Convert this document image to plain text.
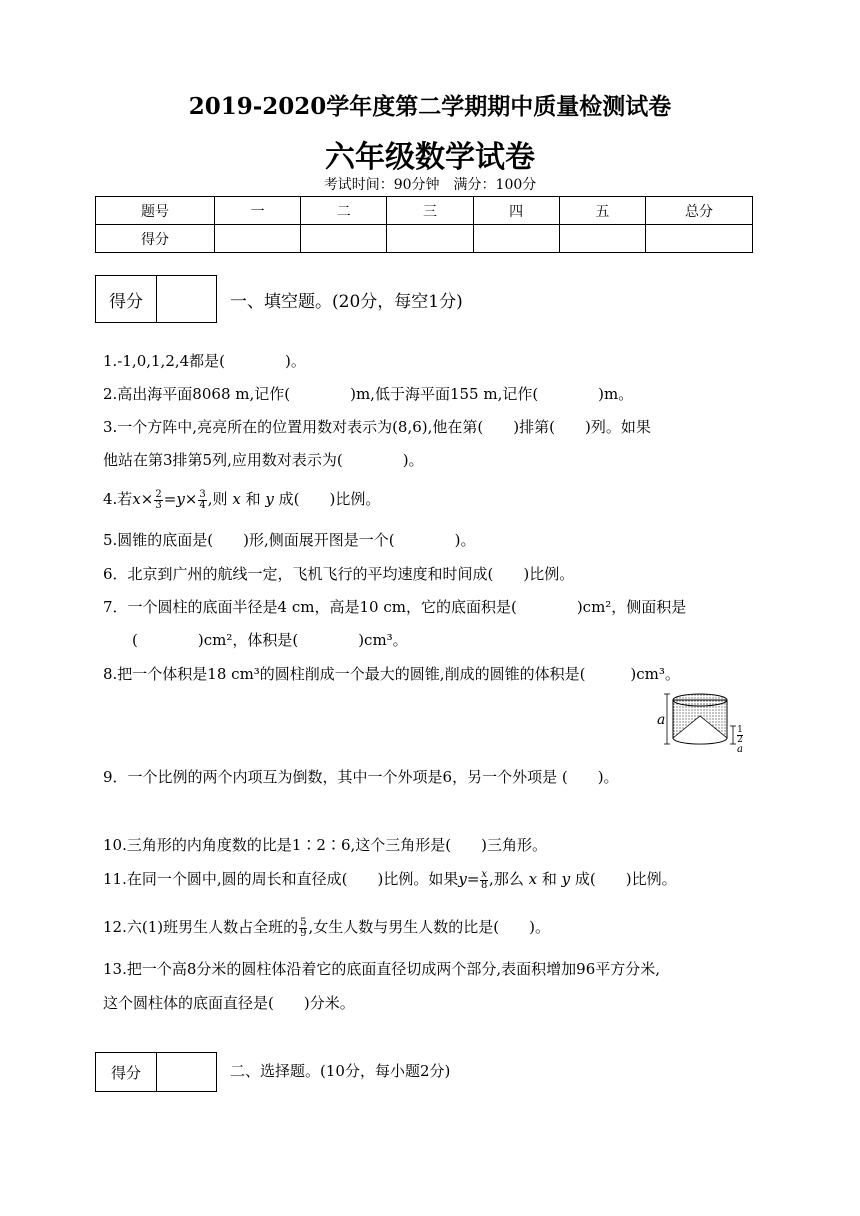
2019-2020学年度第二学期期中质量检测试卷
六年级数学试卷
考试时间：90分钟　满分：100分
题号	一	二	三	四	五	总分
得分						
得分	一、填空题。(20分，每空1分)
1.-1,0,1,2,4都是(　　　　)。
2.高出海平面8068 m,记作(　　　　)m,低于海平面155 m,记作(　　　　)m。
3.一个方阵中,亮亮所在的位置用数对表示为(8,6),他在第(　　)排第(　　)列。如果
他站在第3排第5列,应用数对表示为(　　　　)。
4.若$x\times \frac{2}{3} =y\times \frac{3}{4}$ ,则 x 和 y 成(　　)比例。
5.圆锥的底面是(　　)形,侧面展开图是一个(　　　　)。
6．北京到广州的航线一定，飞机飞行的平均速度和时间成(　　)比例。
7．一个圆柱的底面半径是4 cm，高是10 cm，它的底面积是(　　　　)cm²，侧面积是
(　　　　)cm²，体积是(　　　　)cm³。
8.把一个体积是18 cm³的圆柱削成一个最大的圆锥,削成的圆锥的体积是(　　　)cm³。
a
1
2
a
9．一个比例的两个内项互为倒数，其中一个外项是6，另一个外项是 (　　)。
10.三角形的内角度数的比是1∶2∶6,这个三角形是(　　)三角形。
11.在同一个圆中,圆的周长和直径成(　　)比例。如果$y= \frac{x}{8}$ ,那么 x 和 y 成(　　)比例。
12.六(1)班男生人数占全班的 $\frac{5}{9}$ ,女生人数与男生人数的比是(　　)。
13.把一个高8分米的圆柱体沿着它的底面直径切成两个部分,表面积增加96平方分米,
这个圆柱体的底面直径是(　　)分米。
得分	二、选择题。(10分，每小题2分)
